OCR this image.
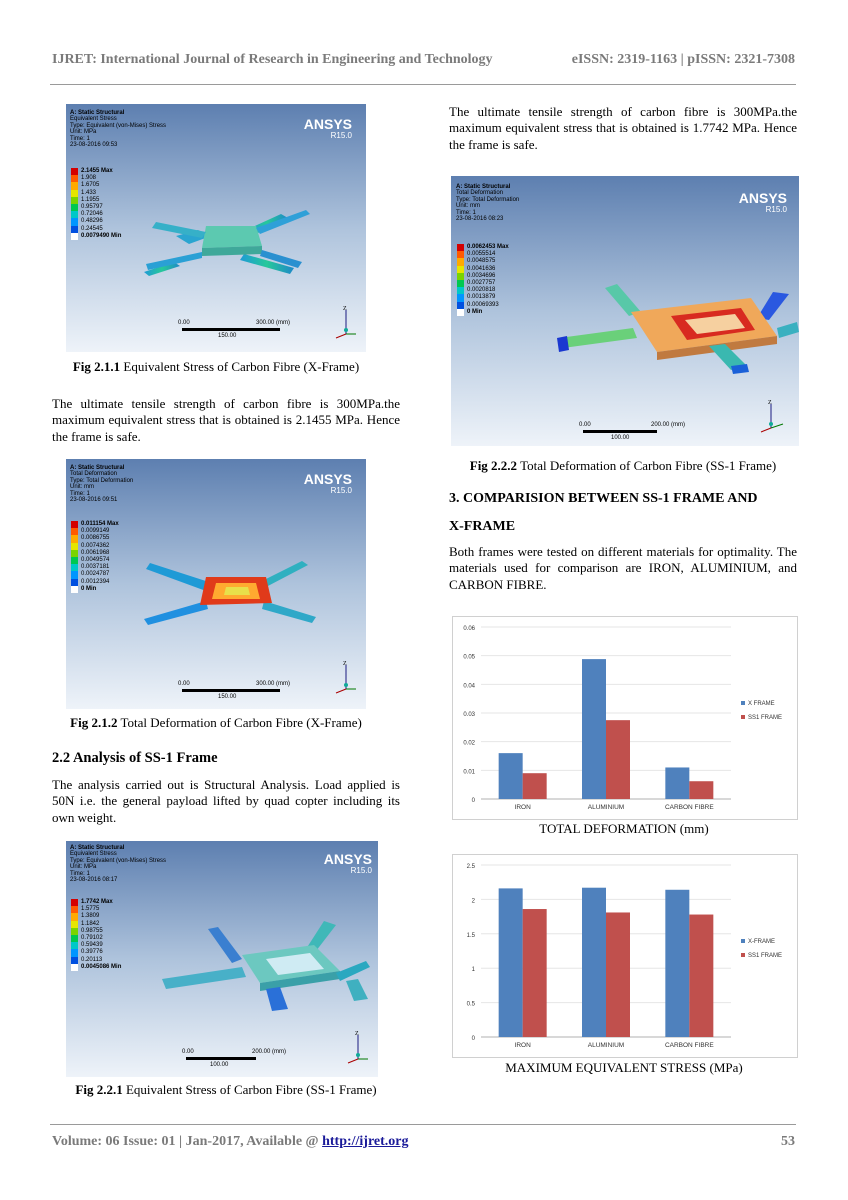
IJRET: International Journal of Research in Engineering and Technology	eISSN: 2319-1163 | pISSN: 2321-7308
A: Static Structural
Equivalent Stress
Type: Equivalent (von-Mises) Stress
Unit: MPa
Time: 1
23-08-2016 09:53
ANSYS
R15.0
2.1455 Max
1.908
1.6705
1.433
1.1955
0.95797
0.72046
0.48296
0.24545
0.0079490 Min
0.00	300.00 (mm)
150.00
Z
Fig 2.1.1 Equivalent Stress of Carbon Fibre (X-Frame)
The ultimate tensile strength of carbon fibre is 300MPa.the maximum equivalent stress that is obtained is 2.1455 MPa. Hence the frame is safe.
A: Static Structural
Total Deformation
Type: Total Deformation
Unit: mm
Time: 1
23-08-2016 09:51
ANSYS
R15.0
0.011154 Max
0.0099149
0.0086755
0.0074362
0.0061968
0.0049574
0.0037181
0.0024787
0.0012394
0 Min
0.00	300.00 (mm)
150.00
Z
Fig 2.1.2 Total Deformation of Carbon Fibre (X-Frame)
2.2 Analysis of SS-1 Frame
The analysis carried out is Structural Analysis. Load applied is 50N i.e. the general payload lifted by quad copter including its own weight.
A: Static Structural
Equivalent Stress
Type: Equivalent (von-Mises) Stress
Unit: MPa
Time: 1
23-08-2016 08:17
ANSYS
R15.0
1.7742 Max
1.5775
1.3809
1.1842
0.98755
0.79102
0.59439
0.39776
0.20113
0.0045086 Min
0.00	200.00 (mm)
100.00
Z
Fig 2.2.1 Equivalent Stress of Carbon Fibre (SS-1 Frame)
The ultimate tensile strength of carbon fibre is 300MPa.the maximum equivalent stress that is obtained is 1.7742 MPa. Hence the frame is safe.
A: Static Structural
Total Deformation
Type: Total Deformation
Unit: mm
Time: 1
23-08-2016 08:23
ANSYS
R15.0
0.0062453 Max
0.0055514
0.0048575
0.0041636
0.0034696
0.0027757
0.0020818
0.0013879
0.00069393
0 Min
0.00	200.00 (mm)
100.00
Z
Fig 2.2.2 Total Deformation of Carbon Fibre (SS-1 Frame)
3. COMPARISION BETWEEN SS-1 FRAME AND
X-FRAME
Both frames were tested on different materials for optimality. The materials used for comparison are IRON, ALUMINIUM, and CARBON FIBRE.
0
0.01
0.02
0.03
0.04
0.05
0.06
IRON	ALUMINIUM	CARBON FIBRE
X FRAME
SS1 FRAME
TOTAL DEFORMATION (mm)
0
0.5
1
1.5
2
2.5
IRON	ALUMINIUM	CARBON FIBRE
X-FRAME
SS1 FRAME
MAXIMUM EQUIVALENT STRESS (MPa)
Volume: 06 Issue: 01 | Jan-2017, Available @ http://ijret.org	53
